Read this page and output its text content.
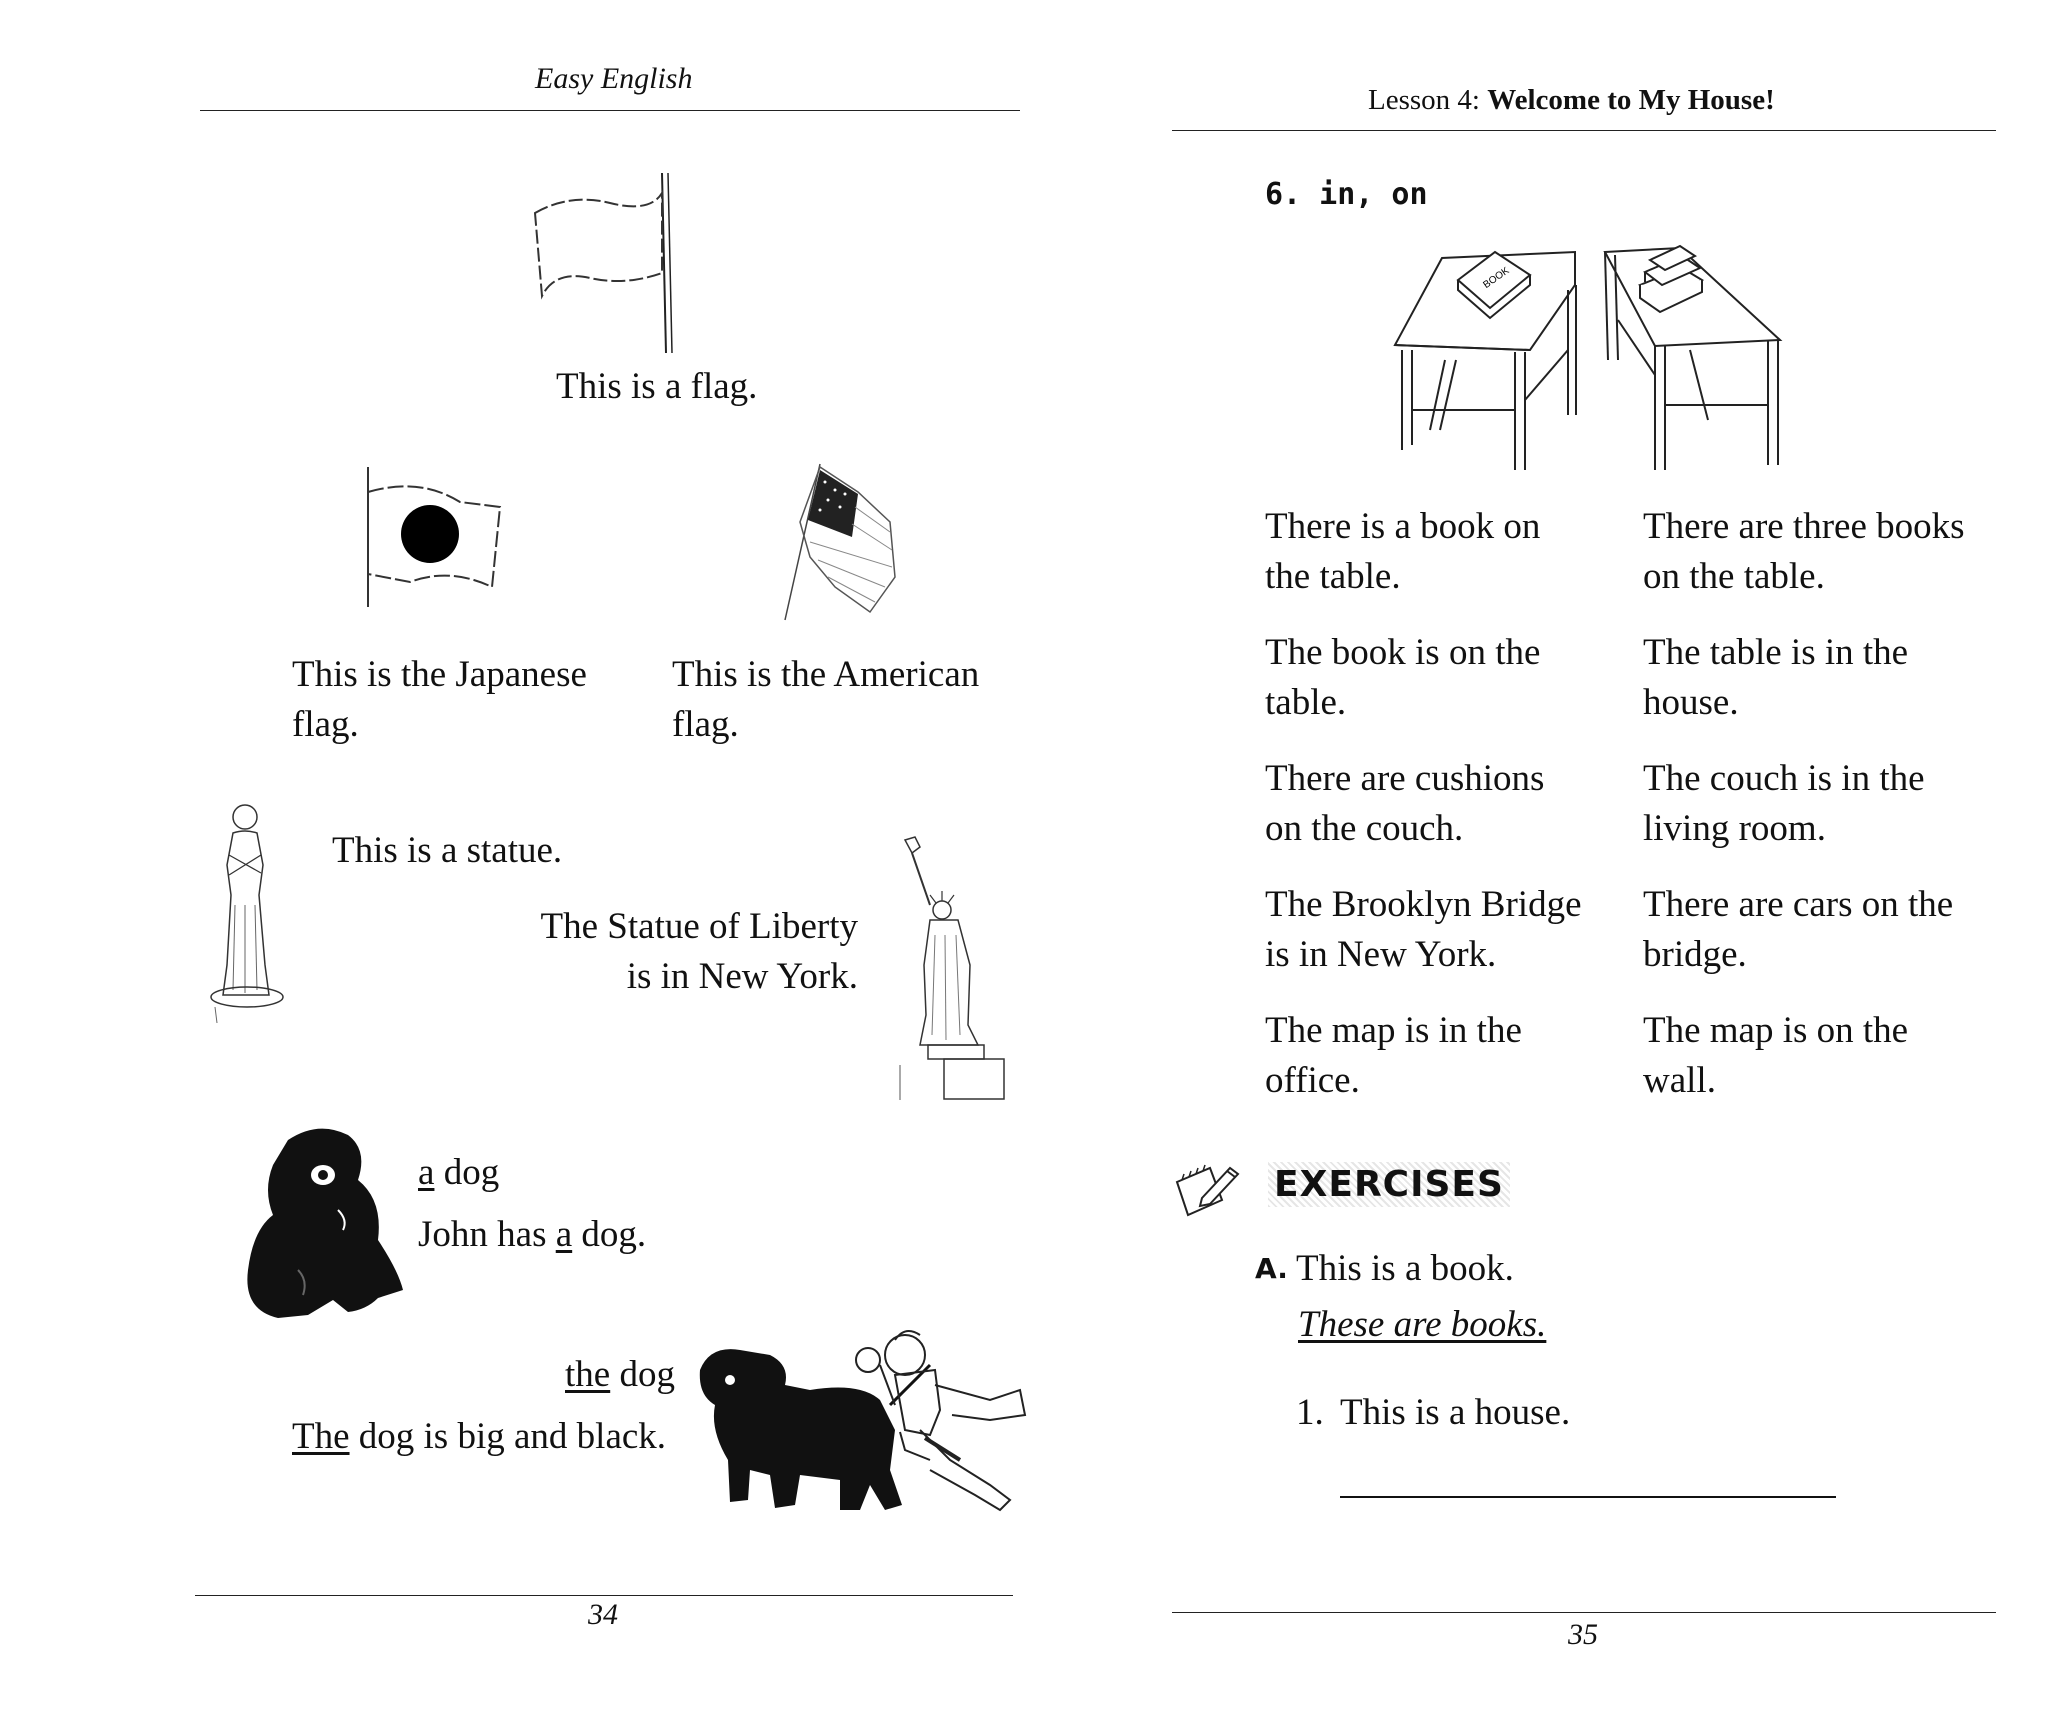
Easy English
This is a flag.
This is the Japanese
flag.
This is the American
flag.
This is a statue.
The Statue of Liberty
is in New York.
a dog
John has a dog.
the dog
The dog is big and black.
34
Lesson 4: Welcome to My House!
6. in, on
BOOK
There is a book on
the table.
There are three books
on the table.
The book is on the
table.
The table is in the
house.
There are cushions
on the couch.
The couch is in the
living room.
The Brooklyn Bridge
is in New York.
There are cars on the
bridge.
The map is in the
office.
The map is on the
wall.
EXERCISES
A. This is a book.
These are books.
1. This is a house.
35
